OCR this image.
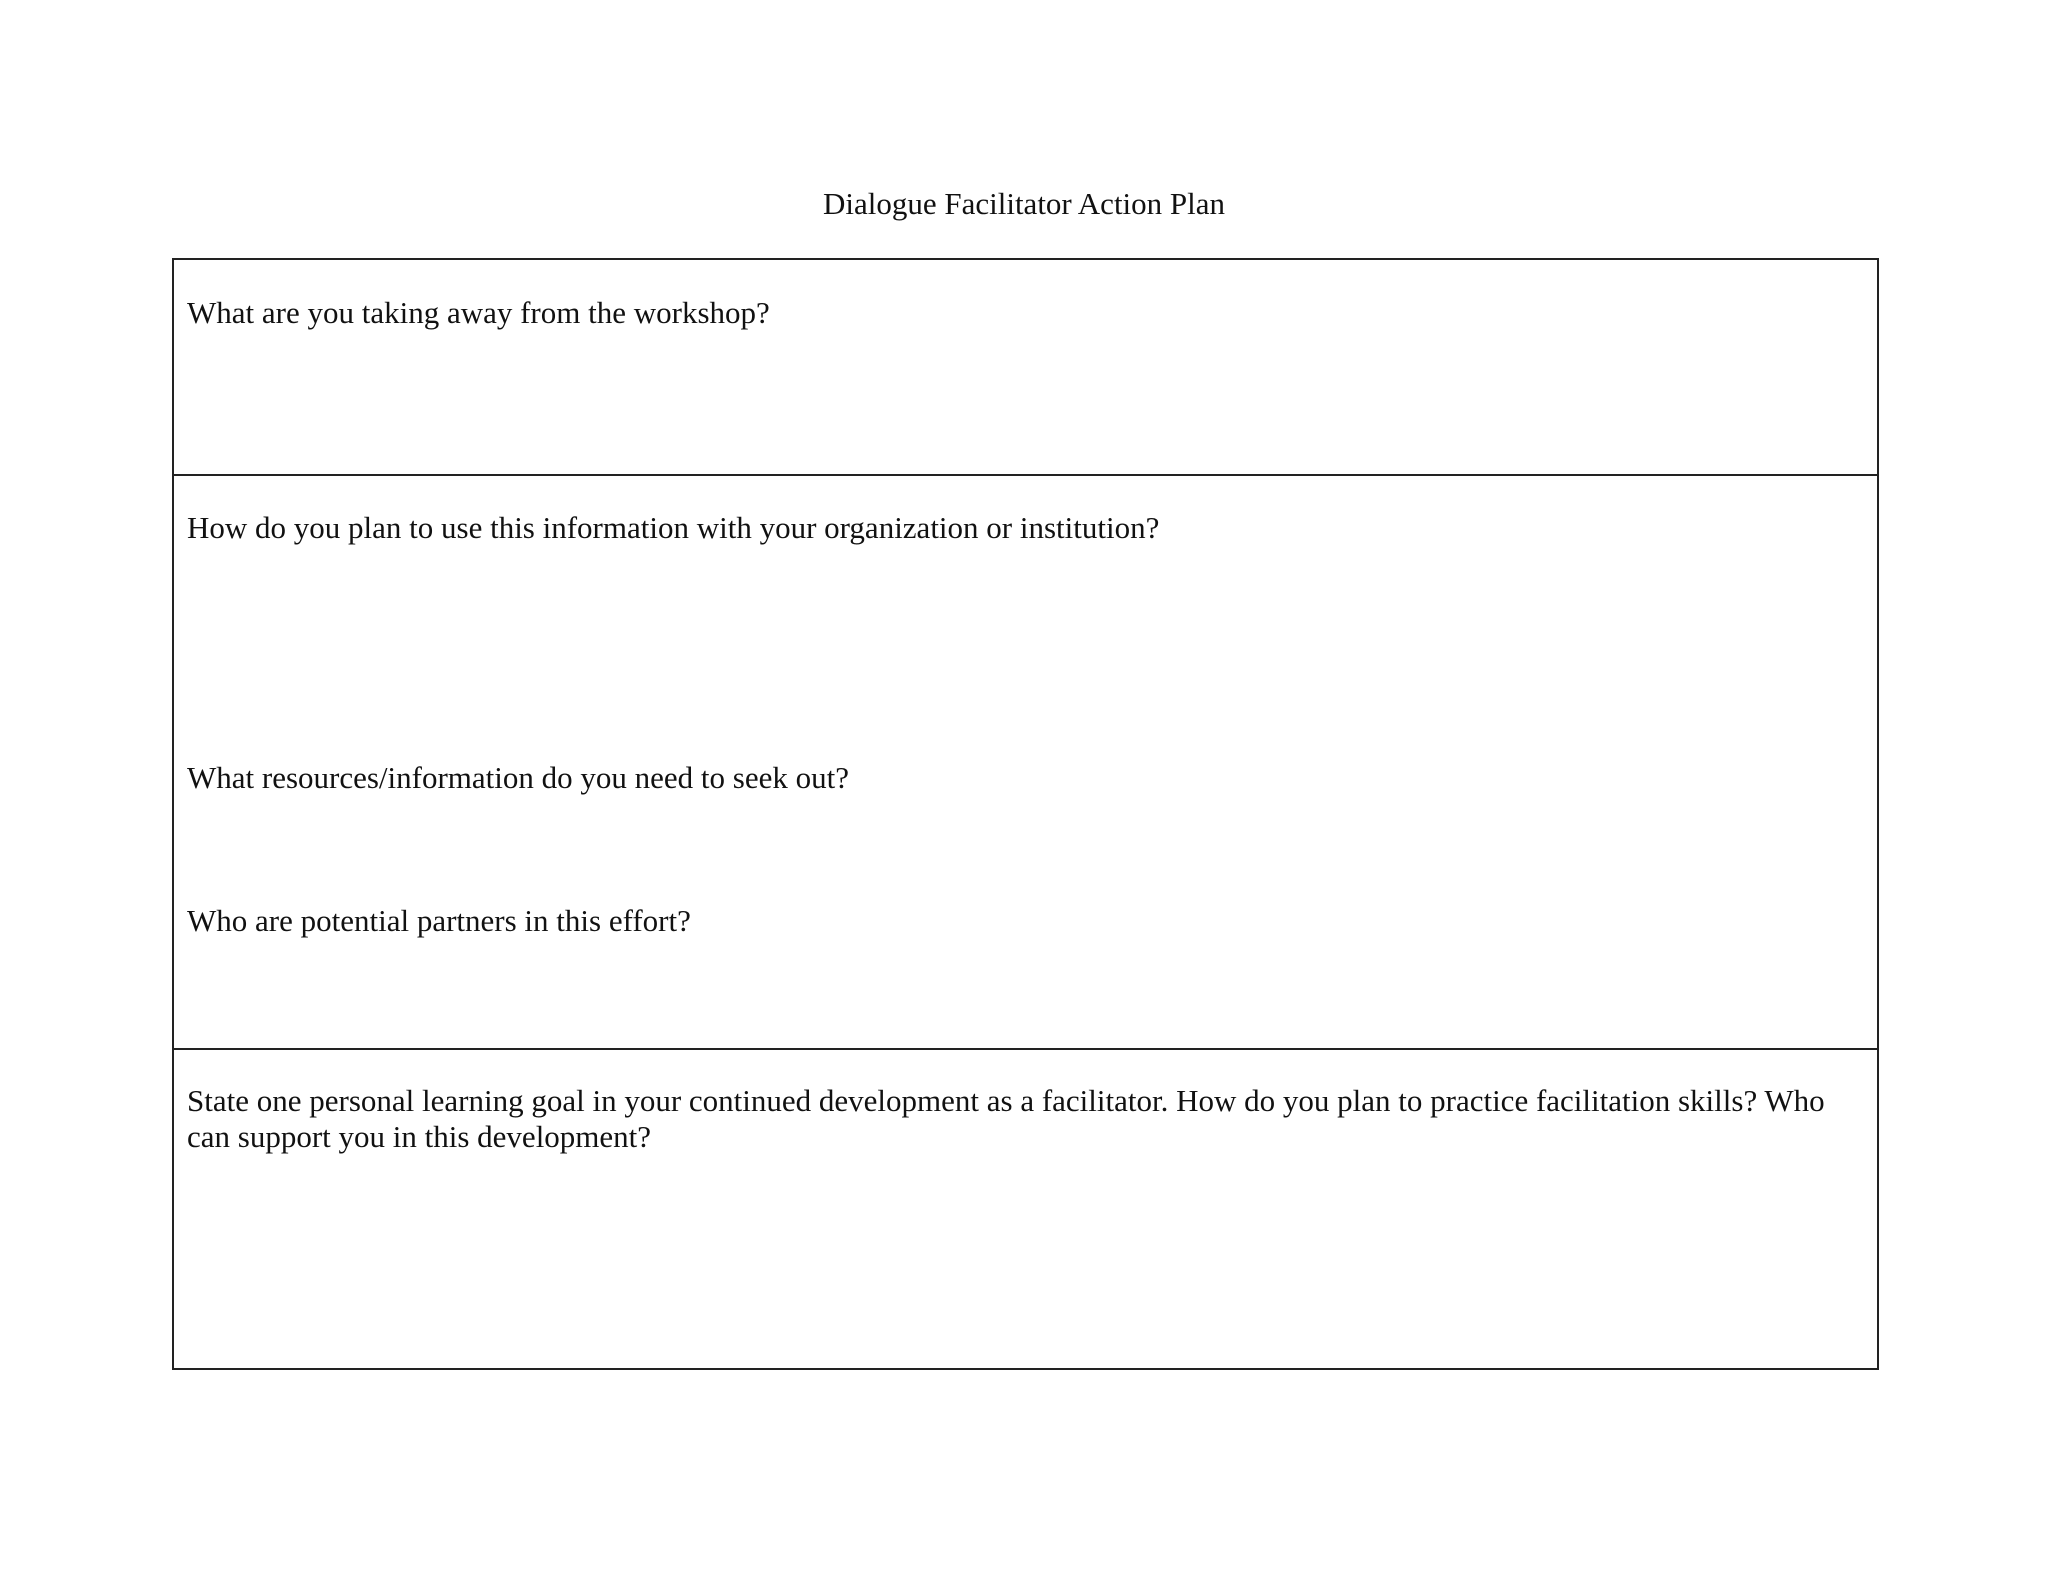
Dialogue Facilitator Action Plan

What are you taking away from the workshop?

How do you plan to use this information with your organization or institution?

What resources/information do you need to seek out?

Who are potential partners in this effort?

State one personal learning goal in your continued development as a facilitator. How do you plan to practice facilitation skills? Who can support you in this development?
